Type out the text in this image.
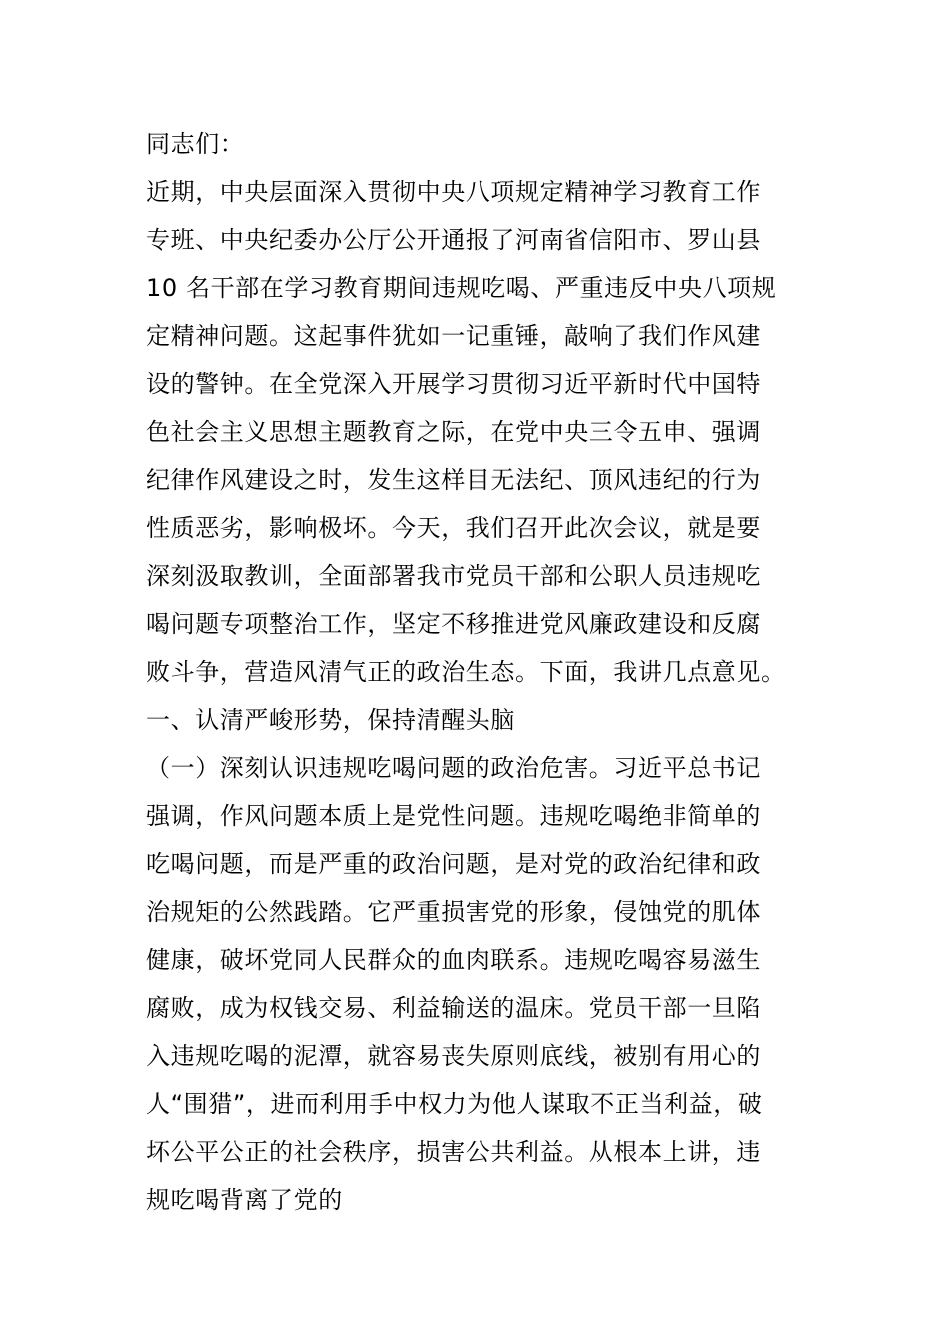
同志们：
近期，中央层面深入贯彻中央八项规定精神学习教育工作
专班、中央纪委办公厅公开通报了河南省信阳市、罗山县
10 名干部在学习教育期间违规吃喝、严重违反中央八项规
定精神问题。这起事件犹如一记重锤，敲响了我们作风建
设的警钟。在全党深入开展学习贯彻习近平新时代中国特
色社会主义思想主题教育之际，在党中央三令五申、强调
纪律作风建设之时，发生这样目无法纪、顶风违纪的行为
性质恶劣，影响极坏。今天，我们召开此次会议，就是要
深刻汲取教训，全面部署我市党员干部和公职人员违规吃
喝问题专项整治工作，坚定不移推进党风廉政建设和反腐
败斗争，营造风清气正的政治生态。下面，我讲几点意见。
一、认清严峻形势，保持清醒头脑
（一）深刻认识违规吃喝问题的政治危害。习近平总书记
强调，作风问题本质上是党性问题。违规吃喝绝非简单的
吃喝问题，而是严重的政治问题，是对党的政治纪律和政
治规矩的公然践踏。它严重损害党的形象，侵蚀党的肌体
健康，破坏党同人民群众的血肉联系。违规吃喝容易滋生
腐败，成为权钱交易、利益输送的温床。党员干部一旦陷
入违规吃喝的泥潭，就容易丧失原则底线，被别有用心的
人“围猎”，进而利用手中权力为他人谋取不正当利益，破
坏公平公正的社会秩序，损害公共利益。从根本上讲，违
规吃喝背离了党的
